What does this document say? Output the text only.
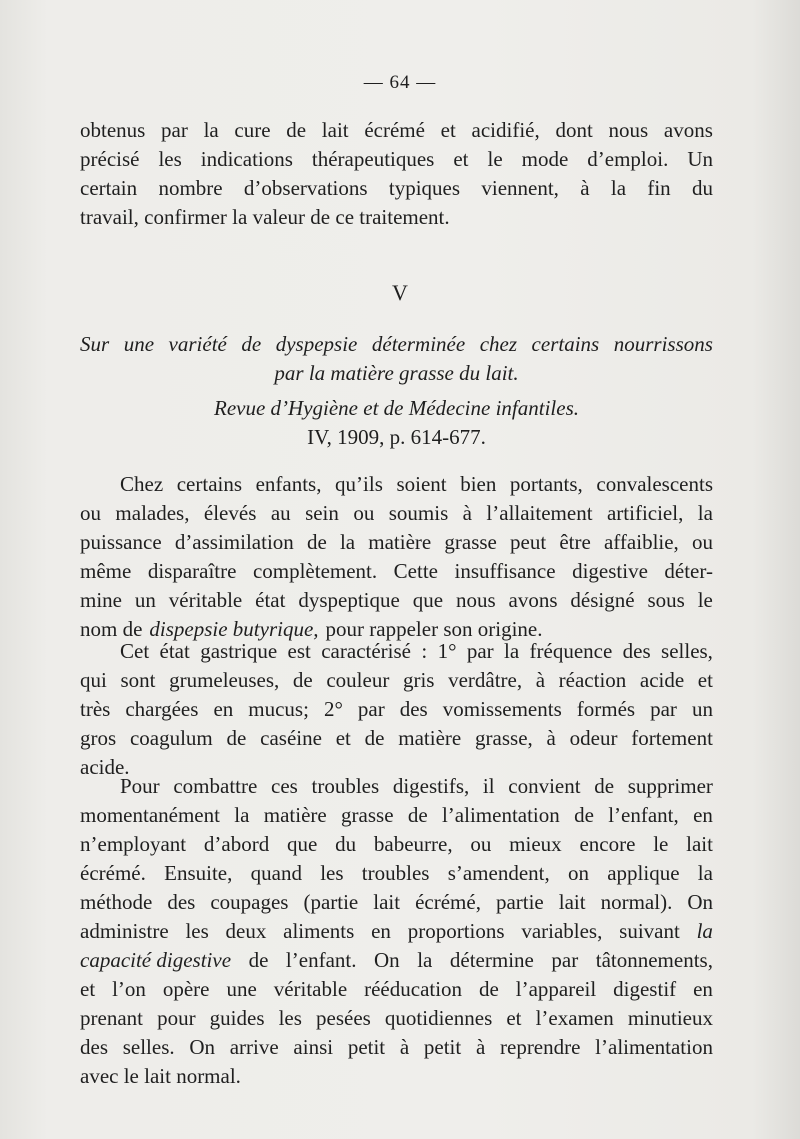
— 64 —
obtenus par la cure de lait écrémé et acidifié, dont nous avons
précisé les indications thérapeutiques et le mode d’emploi. Un
certain nombre d’observations typiques viennent, à la fin du
travail, confirmer la valeur de ce traitement.
V
Sur une variété de dyspepsie déterminée chez certains nourrissons
par la matière grasse du lait.
Revue d’Hygiène et de Médecine infantiles.
IV, 1909, p. 614-677.
Chez certains enfants, qu’ils soient bien portants, convalescents
ou malades, élevés au sein ou soumis à l’allaitement artificiel, la
puissance d’assimilation de la matière grasse peut être affaiblie, ou
même disparaître complètement. Cette insuffisance digestive déter-
mine un véritable état dyspeptique que nous avons désigné sous le
nom de dispepsie butyrique, pour rappeler son origine.
Cet état gastrique est caractérisé : 1° par la fréquence des selles,
qui sont grumeleuses, de couleur gris verdâtre, à réaction acide et
très chargées en mucus; 2° par des vomissements formés par un
gros coagulum de caséine et de matière grasse, à odeur fortement
acide.
Pour combattre ces troubles digestifs, il convient de supprimer
momentanément la matière grasse de l’alimentation de l’enfant, en
n’employant d’abord que du babeurre, ou mieux encore le lait
écrémé. Ensuite, quand les troubles s’amendent, on applique la
méthode des coupages (partie lait écrémé, partie lait normal). On
administre les deux aliments en proportions variables, suivant la
capacité digestive de l’enfant. On la détermine par tâtonnements,
et l’on opère une véritable rééducation de l’appareil digestif en
prenant pour guides les pesées quotidiennes et l’examen minutieux
des selles. On arrive ainsi petit à petit à reprendre l’alimentation
avec le lait normal.
